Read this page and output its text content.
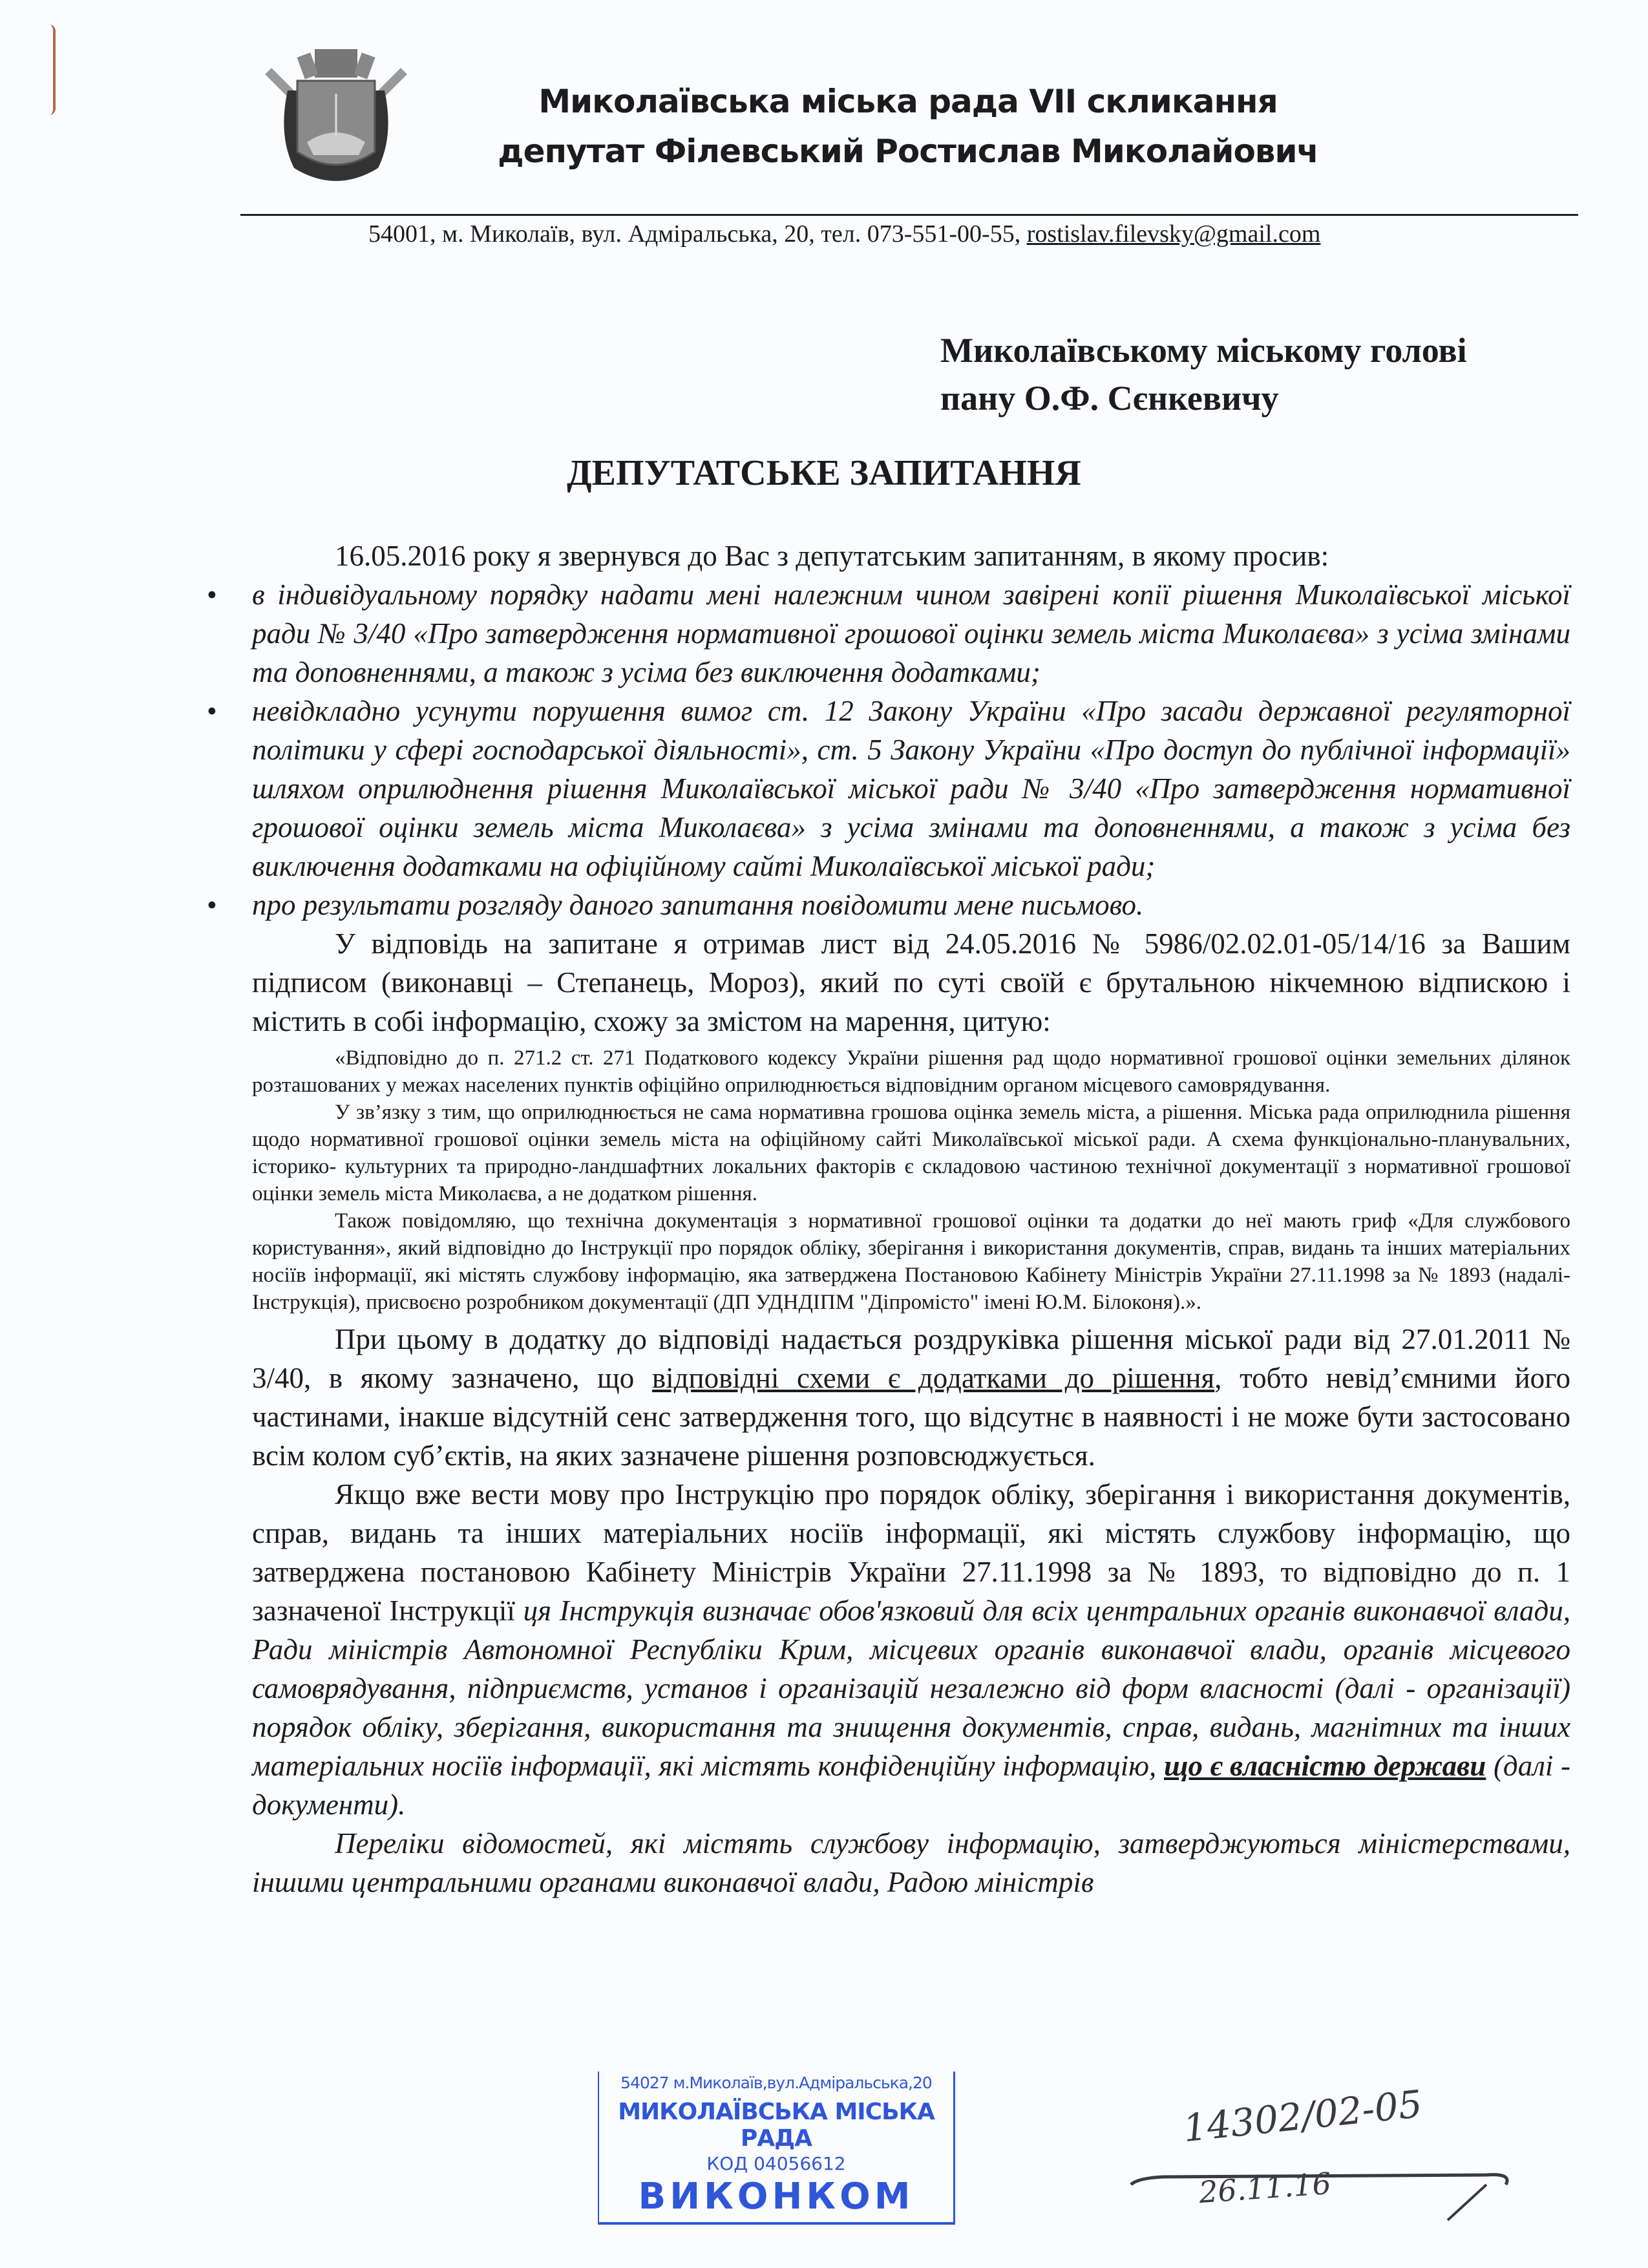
Миколаївська міська рада VII скликання
депутат Філевський Ростислав Миколайович
54001, м. Миколаїв, вул. Адміральська, 20, тел. 073-551-00-55, rostislav.filevsky@gmail.com
Миколаївському міському голові
пану О.Ф. Сєнкевичу
ДЕПУТАТСЬКЕ ЗАПИТАННЯ

16.05.2016 року я звернувся до Вас з депутатським запитанням, в якому просив:

• в індивідуальному порядку надати мені належним чином завірені копії рішення Миколаївської міської ради № 3/40 «Про затвердження нормативної грошової оцінки земель міста Миколаєва» з усіма змінами та доповненнями, а також з усіма без виключення додатками;
• невідкладно усунути порушення вимог ст. 12 Закону України «Про засади державної регуляторної політики у сфері господарської діяльності», ст. 5 Закону України «Про доступ до публічної інформації» шляхом оприлюднення рішення Миколаївської міської ради № 3/40 «Про затвердження нормативної грошової оцінки земель міста Миколаєва» з усіма змінами та доповненнями, а також з усіма без виключення додатками на офіційному сайті Миколаївської міської ради;
• про результати розгляду даного запитання повідомити мене письмово.

У відповідь на запитане я отримав лист від 24.05.2016 № 5986/02.02.01-05/14/16 за Вашим підписом (виконавці – Степанець, Мороз), який по суті своїй є брутальною нікчемною відпискою і містить в собі інформацію, схожу за змістом на марення, цитую:

«Відповідно до п. 271.2 ст. 271 Податкового кодексу України рішення рад щодо нормативної грошової оцінки земельних ділянок розташованих у межах населених пунктів офіційно оприлюднюється відповідним органом місцевого самоврядування.

У зв’язку з тим, що оприлюднюється не сама нормативна грошова оцінка земель міста, а рішення. Міська рада оприлюднила рішення щодо нормативної грошової оцінки земель міста на офіційному сайті Миколаївської міської ради. А схема функціонально-планувальних, історико- культурних та природно-ландшафтних локальних факторів є складовою частиною технічної документації з нормативної грошової оцінки земель міста Миколаєва, а не додатком рішення.

Також повідомляю, що технічна документація з нормативної грошової оцінки та додатки до неї мають гриф «Для службового користування», який відповідно до Інструкції про порядок обліку, зберігання і використання документів, справ, видань та інших матеріальних носіїв інформації, які містять службову інформацію, яка затверджена Постановою Кабінету Міністрів України 27.11.1998 за № 1893 (надалі-Інструкція), присвоєно розробником документації (ДП УДНДІПМ "Діпромісто" імені Ю.М. Білоконя).».

При цьому в додатку до відповіді надається роздруківка рішення міської ради від 27.01.2011 № 3/40, в якому зазначено, що відповідні схеми є додатками до рішення, тобто невід’ємними його частинами, інакше відсутній сенс затвердження того, що відсутнє в наявності і не може бути застосовано всім колом суб’єктів, на яких зазначене рішення розповсюджується.

Якщо вже вести мову про Інструкцію про порядок обліку, зберігання і використання документів, справ, видань та інших матеріальних носіїв інформації, які містять службову інформацію, що затверджена постановою Кабінету Міністрів України 27.11.1998 за № 1893, то відповідно до п. 1 зазначеної Інструкції ця Інструкція визначає обов'язковий для всіх центральних органів виконавчої влади, Ради міністрів Автономної Республіки Крим, місцевих органів виконавчої влади, органів місцевого самоврядування, підприємств, установ і організацій незалежно від форм власності (далі - організації) порядок обліку, зберігання, використання та знищення документів, справ, видань, магнітних та інших матеріальних носіїв інформації, які містять конфіденційну інформацію, що є власністю держави (далі - документи).

Переліки відомостей, які містять службову інформацію, затверджуються міністерствами, іншими центральними органами виконавчої влади, Радою міністрів

54027 м.Миколаїв,вул.Адміральська,20
МИКОЛАЇВСЬКА МІСЬКА РАДА
КОД 04056612
ВИКОНКОМ
14302/02-05
26.11.16
